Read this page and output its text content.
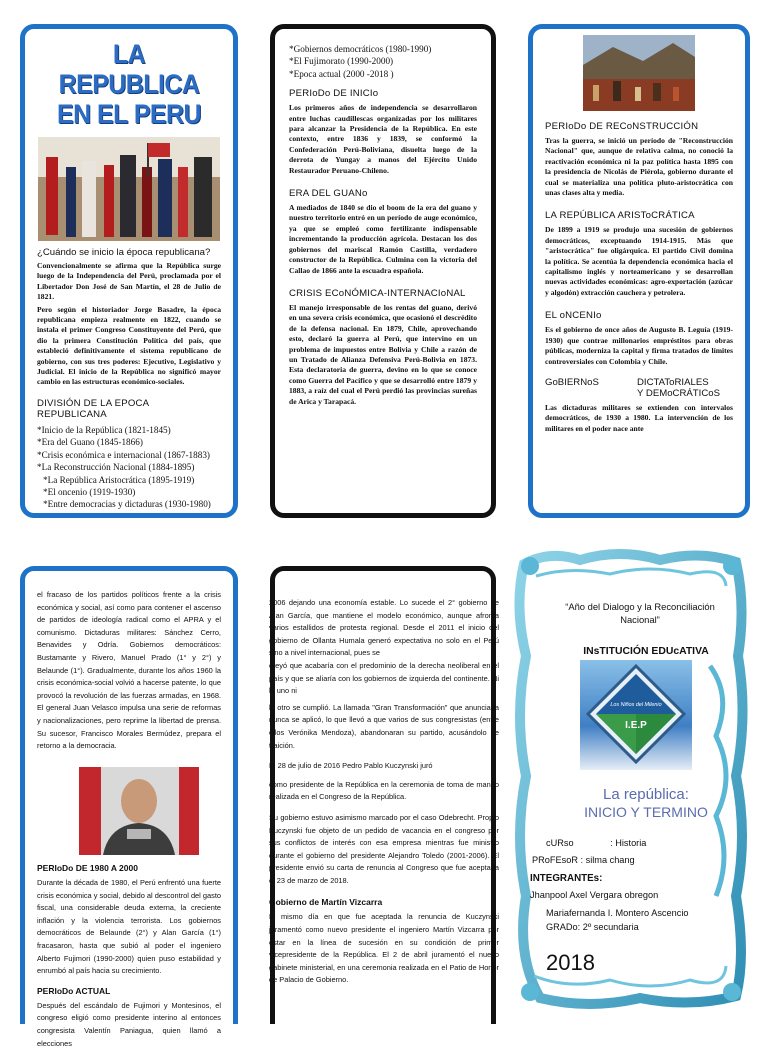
LA REPUBLICA
EN EL PERU
¿Cuándo se inicio la época republicana?

Convencionalmente se afirma que la República surge luego de la Independencia del Perú, proclamada por el Libertador Don José de San Martín, el 28 de Julio de 1821.

Pero según el historiador Jorge Basadre, la época republicana empieza realmente en 1822, cuando se instala el primer Congreso Constituyente del Perú, que dio la primera Constitución Política del país, que estableció definitivamente el sistema republicano de gobierno, con sus tres poderes: Ejecutivo, Legislativo y Judicial. El inicio de la República no significó mayor cambio en las estructuras económico-sociales.

DIVISIÓN DE LA EPOCA REPUBLICANA
*Inicio de la República (1821-1845)
*Era del Guano (1845-1866)
*Crisis económica e internacional (1867-1883)
*La Reconstrucción Nacional (1884-1895)
*La República Aristocrática (1895-1919)
*El oncenio (1919-1930)
*Entre democracias y dictaduras (1930-1980)
*Gobiernos democráticos (1980-1990)
*El Fujimorato (1990-2000)
*Epoca actual (2000 -2018 )
PERIoDo DE INICIo

Los primeros años de independencia se desarrollaron entre luchas caudillescas organizadas por los militares para alcanzar la Presidencia de la República. En este contexto, entre 1836 y 1839, se conformó la Confederación Perú-Boliviana, disuelta luego de la derrota de Yungay a manos del Ejército Unido Restaurador Peruano-Chileno.

ERA DEL GUANo

A mediados de 1840 se dio el boom de la era del guano y nuestro territorio entró en un período de auge económico, ya que se empleó como fertilizante indispensable incrementando la producción agrícola. Destacan los dos gobiernos del mariscal Ramón Castilla, verdadero constructor de la República. Culmina con la victoria del Callao de 1866 ante la escuadra española.

CRISIS ECoNÓMICA-INTERNACIoNAL

El manejo irresponsable de los rentas del guano, derivó en una severa crisis económica, que ocasionó el descrédito de la defensa nacional. En 1879, Chile, aprovechando esto, declaró la guerra al Perú, que intervino en un problema de impuestos entre Bolivia y Chile a razón de un Tratado de Alianza Defensiva Perú-Bolivia en 1873. Esta declaratoria de guerra, devino en lo que se conoce como Guerra del Pacífico y que se desarrolló entre 1879 y 1883, a raíz del cual el Perú perdió las provincias sureñas de Arica y Tarapacá.

PERIoDo DE RECoNSTRUCCIÓN

Tras la guerra, se inició un período de "Reconstrucción Nacional" que, aunque de relativa calma, no conoció la reactivación económica ni la paz política hasta 1895 con la presidencia de Nicolás de Piérola, gobierno durante el cual se materializa una política pluto-aristocrática con unas clases alta y media.

LA REPÚBLICA ARISToCRÁTICA

De 1899 a 1919 se produjo una sucesión de gobiernos democráticos, exceptuando 1914-1915. Más que "aristocrática" fue oligárquica. El partido Civil domina la política. Se acentúa la dependencia económica hacia el capitalismo inglés y norteamericano y se desarrollan nuevas actividades económicas: agro-exportación (azúcar y algodón) extracción cauchera y petrolera.

EL oNCENIo

Es el gobierno de once años de Augusto B. Leguía (1919-1930) que contrae millonarios empréstitos para obras públicas, moderniza la capital y firma tratados de límites controversiales con Colombia y Chile.

GoBIERNoS	DICTAToRIALES
Y DEMoCRÁTICoS

Las dictaduras militares se extienden con intervalos democráticos, de 1930 a 1980. La intervención de los militares en el poder nace ante

el fracaso de los partidos políticos frente a la crisis económica y social, así como para contener el ascenso de partidos de ideología radical como el APRA y el comunismo. Dictaduras militares: Sánchez Cerro, Benavides y Odría. Gobiernos democráticos: Bustamante y Rivero, Manuel Prado (1° y 2°) y Belaunde (1°). Gradualmente, durante los años 1960 la crisis económica-social volvió a hacerse patente, lo que provocó la revolución de las fuerzas armadas, en 1968. El general Juan Velasco impulsa una serie de reformas y nacionalizaciones, pero reprime la libertad de prensa. Su sucesor, Francisco Morales Bermúdez, prepara el retorno a la democracia.

PERIoDo DE 1980 A 2000

Durante la década de 1980, el Perú enfrentó una fuerte crisis económica y social, debido al descontrol del gasto fiscal, una considerable deuda externa, la creciente inflación y la violencia terrorista. Los gobiernos democráticos de Belaunde (2°) y Alan García (1°) fracasaron, hasta que subió al poder el ingeniero Alberto Fujimori (1990-2000) quien puso estabilidad y enrumbó al país hacia su crecimiento.

PERIoDo ACTUAL

Después del escándalo de Fujimori y Montesinos, el congreso eligió como presidente interino al entonces congresista Valentín Paniagua, quien llamó a elecciones

2006 dejando una economía estable. Lo sucede el 2° gobierno de Alan García, que mantiene el modelo económico, aunque afronta varios estallidos de protesta regional. Desde el 2011 el inicio del gobierno de Ollanta Humala generó expectativa no solo en el Perú sino a nivel internacional, pues se

creyó que acabaría con el predominio de la derecha neoliberal en el país y que se aliaría con los gobiernos de izquierda del continente. Ni lo uno ni

lo otro se cumplió. La llamada "Gran Transformación" que anunciaba nunca se aplicó, lo que llevó a que varios de sus congresistas (entre ellos Verónika Mendoza), abandonaran su partido, acusándolo de traición.

El 28 de julio de 2016 Pedro Pablo Kuczynski juró

como presidente de la República en la ceremonia de toma de mando realizada en el Congreso de la República.

Su gobierno estuvo asimismo marcado por el caso Odebrecht. Propio Kuczynski fue objeto de un pedido de vacancia en el congreso por sus conflictos de interés con esa empresa mientras fue ministro durante el gobierno del presidente Alejandro Toledo (2001-2006). El presidente envió su carta de renuncia al Congreso que fue aceptada el 23 de marzo de 2018.

Gobierno de Martín Vizcarra

El mismo día en que fue aceptada la renuncia de Kuczynski juramentó como nuevo presidente el ingeniero Martín Vizcarra por estar en la línea de sucesión en su condición de primer vicepresidente de la República. El 2 de abril juramentó el nuevo gabinete ministerial, en una ceremonia realizada en el Patio de Honor de Palacio de Gobierno.

“Año del Dialogo y la Reconciliación Nacional”
INsTITUCIÓN EDUcATIVA
Los Niños del Milenio
I.E.P
La república:
INICIO Y TERMINO
cURso	: Historia
PRoFEsoR : silma chang
INTEGRANTEs:
Jhanpool Axel Vergara obregon
Mariafernanda I. Montero Ascencio
GRADo: 2º secundaria
2018
